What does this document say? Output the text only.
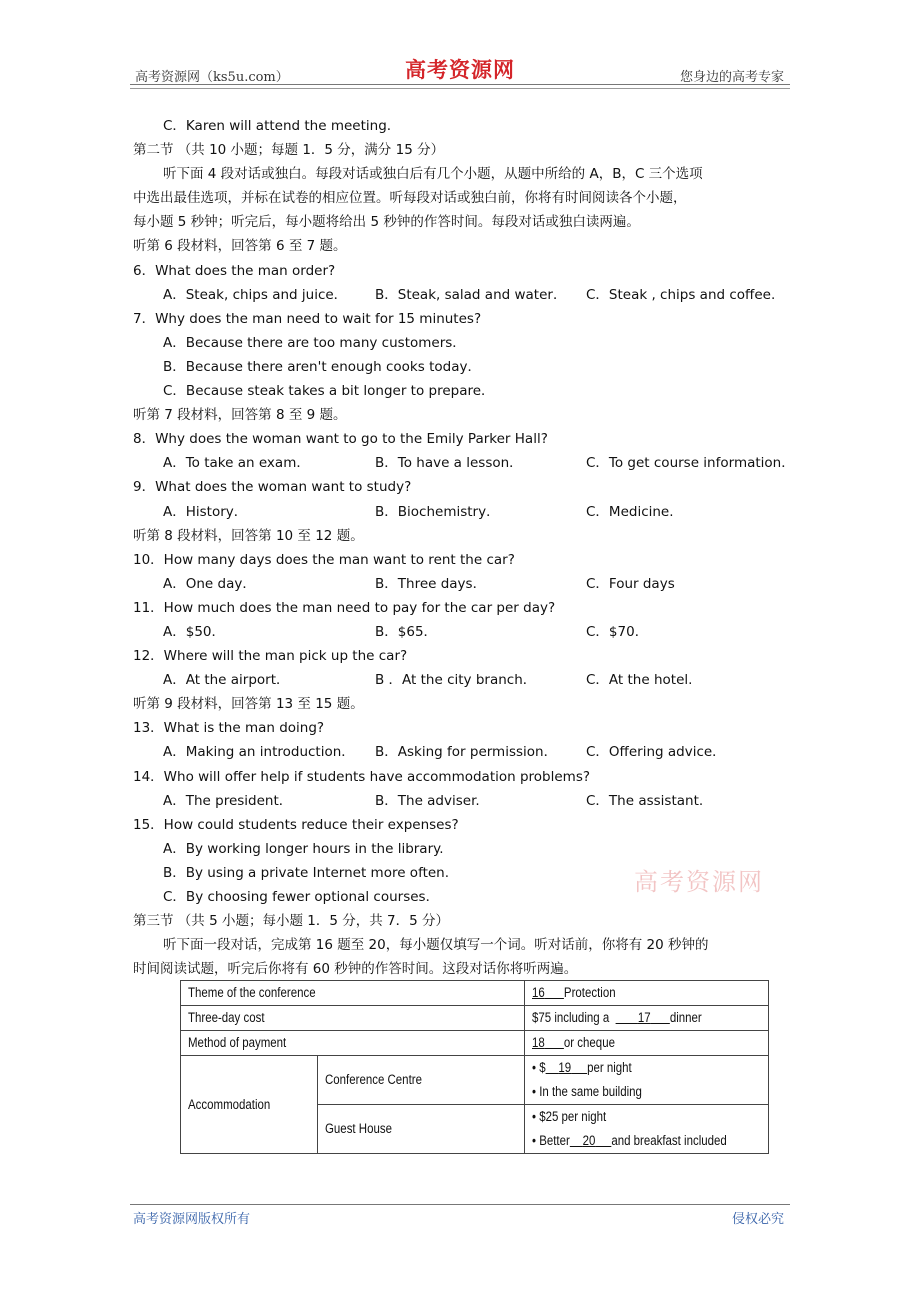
高考资源网（ks5u.com）	高考资源网	您身边的高考专家
C．Karen will attend the meeting.
第二节 （共 10 小题；每题 1．5 分，满分 15 分）
听下面 4 段对话或独白。每段对话或独白后有几个小题，从题中所给的 A，B，C 三个选项
中选出最佳选项，并标在试卷的相应位置。听每段对话或独白前，你将有时间阅读各个小题，
每小题 5 秒钟；听完后，每小题将给出 5 秒钟的作答时间。每段对话或独白读两遍。
听第 6 段材料，回答第 6 至 7 题。
6．What does the man order?
A．Steak, chips and juice． B．Steak, salad and water． C．Steak , chips and coffee.
7．Why does the man need to wait for 15 minutes?
A．Because there are too many customers．
B．Because there aren't enough cooks today．
C．Because steak takes a bit longer to prepare．
听第 7 段材料，回答第 8 至 9 题。
8．Why does the woman want to go to the Emily Parker Hall?
A．To take an exam．	B．To have a lesson．	C．To get course information．
9．What does the woman want to study?
A．History．	B．Biochemistry．	C．Medicine.
听第 8 段材料，回答第 10 至 12 题。
10．How many days does the man want to rent the car?
A．One day．	B．Three days．	C．Four days
11．How much does the man need to pay for the car per day?
A．$50．	B．$65．	C．$70．
12．Where will the man pick up the car?
A．At the airport．	B ．At the city branch．	C．At the hotel.
听第 9 段材料，回答第 13 至 15 题。
13．What is the man doing?
A．Making an introduction． B．Asking for permission． C．Offering advice．
14．Who will offer help if students have accommodation problems?
A．The president．	B．The adviser.	C．The assistant.
15．How could students reduce their expenses?
A．By working longer hours in the library.
B．By using a private Internet more often.
C．By choosing fewer optional courses．
第三节 （共 5 小题；每小题 1．5 分，共 7．5 分）
听下面一段对话，完成第 16 题至 20，每小题仅填写一个词。听对话前，你将有 20 秒钟的
时间阅读试题，听完后你将有 60 秒钟的作答时间。这段对话你将听两遍。
高考资源网
Theme of the conference		16 Protection
Three-day cost		$75 including a 17 dinner
Method of payment		18 or cheque
Accommodation	Conference Centre	• $ 19 per night
• In the same building
	Guest House	• $25 per night
• Better 20 and breakfast included
高考资源网版权所有	侵权必究
